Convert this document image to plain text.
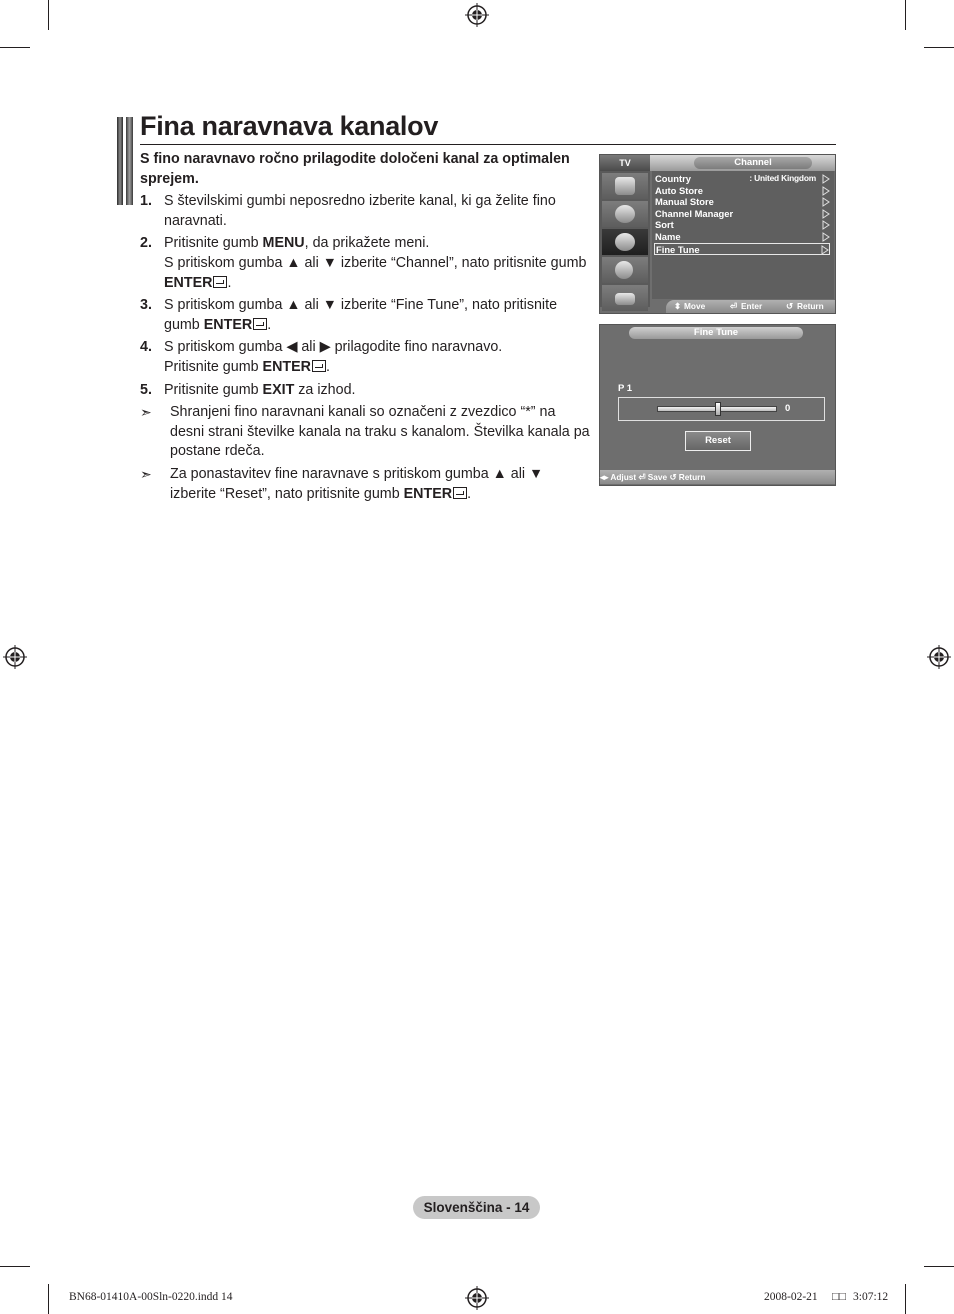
Fina naravnava kanalov

S fino naravnavo ročno prilagodite določeni kanal za optimalen sprejem.

1. S številskimi gumbi neposredno izberite kanal, ki ga želite fino naravnati.
2. Pritisnite gumb MENU, da prikažete meni.
S pritiskom gumba ▲ ali ▼ izberite “Channel”, nato pritisnite gumb ENTER .
3. S pritiskom gumba ▲ ali ▼ izberite “Fine Tune”, nato pritisnite gumb ENTER .
4. S pritiskom gumba ◀ ali ▶ prilagodite fino naravnavo.
Pritisnite gumb ENTER .
5. Pritisnite gumb EXIT za izhod.
➣ Shranjeni fino naravnani kanali so označeni z zvezdico “*” na desni strani številke kanala na traku s kanalom. Številka kanala pa postane rdeča.
➣ Za ponastavitev fine naravnave s pritiskom gumba ▲ ali ▼ izberite “Reset”, nato pritisnite gumb ENTER .
TV	Channel
Country	: United Kingdom
Auto Store
Manual Store
Channel Manager
Sort
Name
Fine Tune
⬍ Move	⏎ Enter	↺ Return
Fine Tune
P 1
0
Reset
◂▸ Adjust ⏎ Save ↺ Return
Slovenščina - 14
BN68-01410A-00Sln-0220.indd 14	2008-02-21 □□ 3:07:12
